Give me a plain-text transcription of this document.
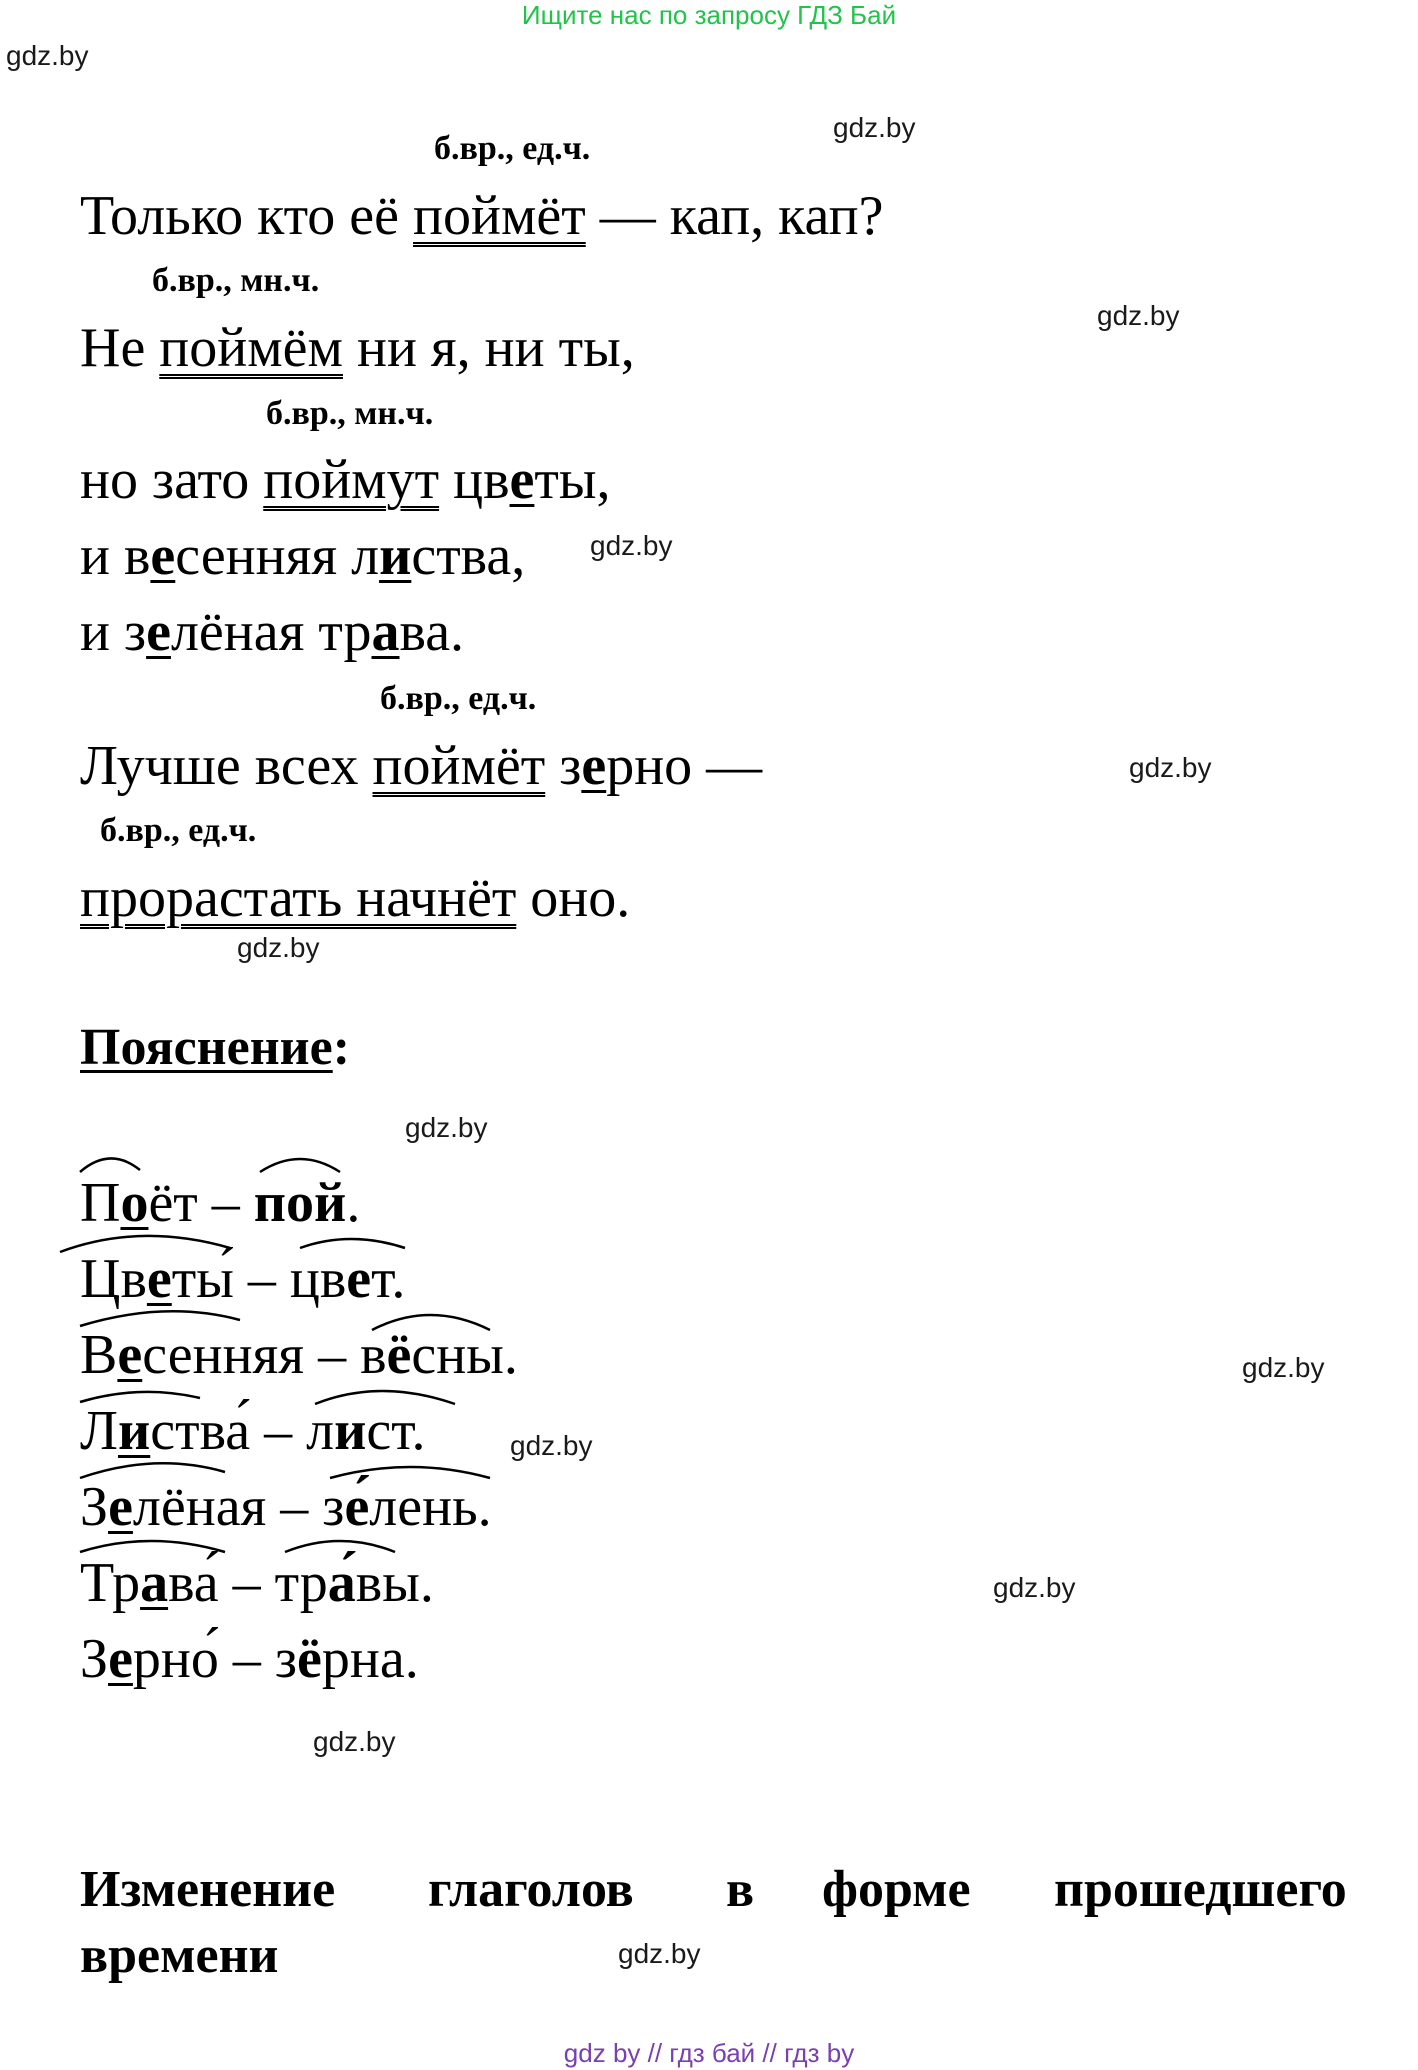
Ищите нас по запросу ГДЗ Бай
gdz.by
gdz.by
gdz.by
gdz.by
gdz.by
gdz.by
gdz.by
gdz.by
gdz.by
gdz.by
gdz.by
gdz.by
б.вр., ед.ч.
б.вр., мн.ч.
б.вр., мн.ч.
б.вр., ед.ч.
б.вр., ед.ч.
Только кто её поймёт — кап, кап?
Не поймём ни я, ни ты,
но зато поймут цветы,
и весенняя листва,
и зелёная трава.
Лучше всех поймёт зерно —
прорастать начнёт оно.
Пояснение:
Поёт – пой.
Цветы́ – цвет.
Весенняя – вёсны.
Листва́ – лист.
Зелёная – зе́лень.
Трава́ – тра́вы.
Зерно́ – зёрна.
Изменение глаголов в форме прошедшего
времени
gdz by // гдз бай // гдз by
